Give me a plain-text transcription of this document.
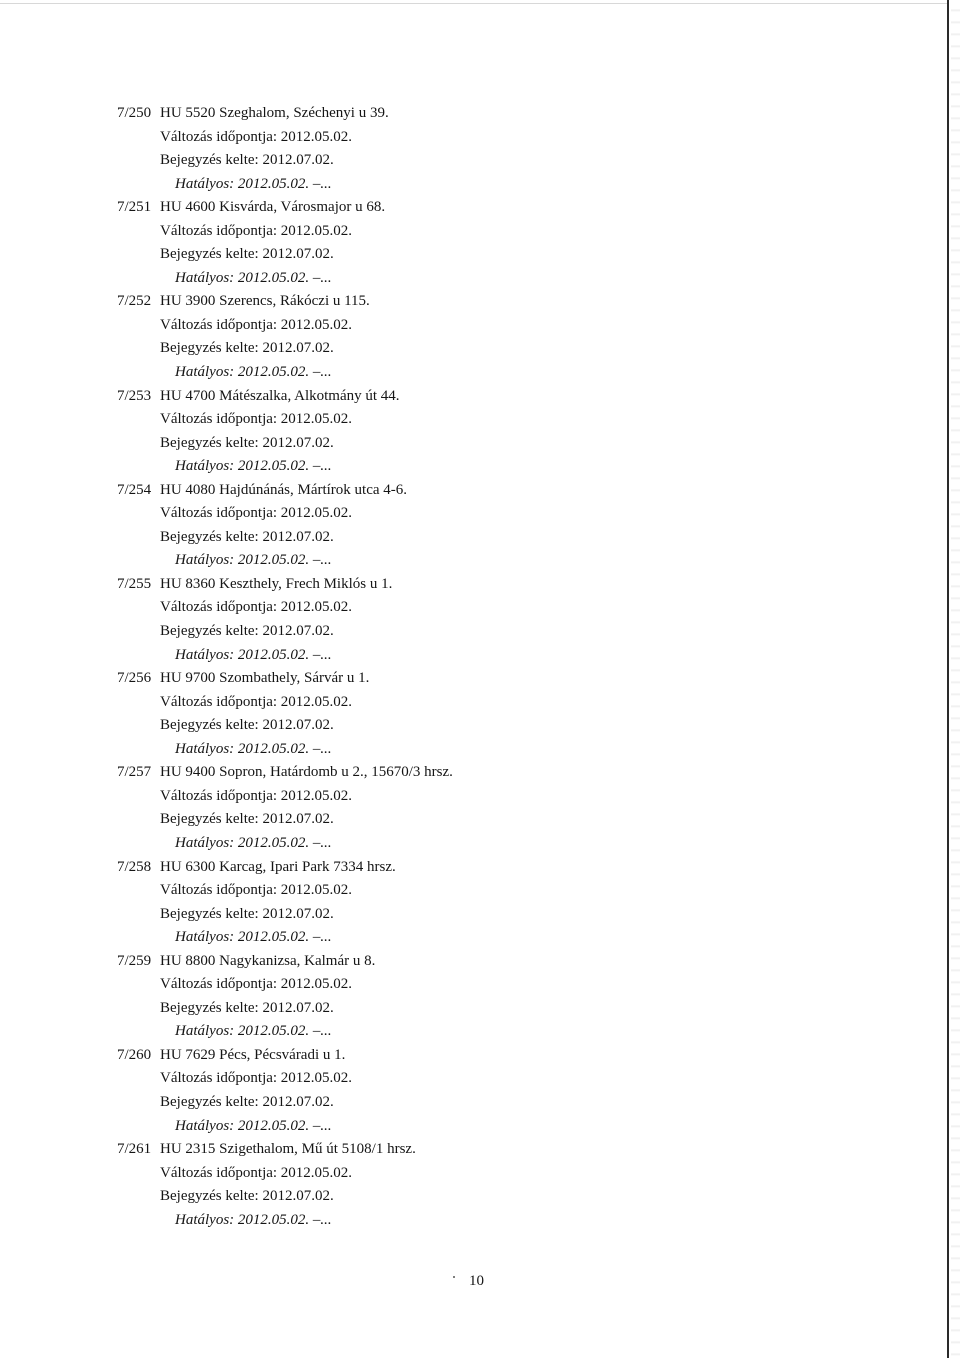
7/250 HU 5520 Szeghalom, Széchenyi u 39.
Változás időpontja: 2012.05.02.
Bejegyzés kelte: 2012.07.02.
Hatályos: 2012.05.02. –...
7/251 HU 4600 Kisvárda, Városmajor u 68.
Változás időpontja: 2012.05.02.
Bejegyzés kelte: 2012.07.02.
Hatályos: 2012.05.02. –...
7/252 HU 3900 Szerencs, Rákóczi u 115.
Változás időpontja: 2012.05.02.
Bejegyzés kelte: 2012.07.02.
Hatályos: 2012.05.02. –...
7/253 HU 4700 Mátészalka, Alkotmány út 44.
Változás időpontja: 2012.05.02.
Bejegyzés kelte: 2012.07.02.
Hatályos: 2012.05.02. –...
7/254 HU 4080 Hajdúnánás, Mártírok utca 4-6.
Változás időpontja: 2012.05.02.
Bejegyzés kelte: 2012.07.02.
Hatályos: 2012.05.02. –...
7/255 HU 8360 Keszthely, Frech Miklós u 1.
Változás időpontja: 2012.05.02.
Bejegyzés kelte: 2012.07.02.
Hatályos: 2012.05.02. –...
7/256 HU 9700 Szombathely, Sárvár u 1.
Változás időpontja: 2012.05.02.
Bejegyzés kelte: 2012.07.02.
Hatályos: 2012.05.02. –...
7/257 HU 9400 Sopron, Határdomb u 2., 15670/3 hrsz.
Változás időpontja: 2012.05.02.
Bejegyzés kelte: 2012.07.02.
Hatályos: 2012.05.02. –...
7/258 HU 6300 Karcag, Ipari Park 7334 hrsz.
Változás időpontja: 2012.05.02.
Bejegyzés kelte: 2012.07.02.
Hatályos: 2012.05.02. –...
7/259 HU 8800 Nagykanizsa, Kalmár u 8.
Változás időpontja: 2012.05.02.
Bejegyzés kelte: 2012.07.02.
Hatályos: 2012.05.02. –...
7/260 HU 7629 Pécs, Pécsváradi u 1.
Változás időpontja: 2012.05.02.
Bejegyzés kelte: 2012.07.02.
Hatályos: 2012.05.02. –...
7/261 HU 2315 Szigethalom, Mű út 5108/1 hrsz.
Változás időpontja: 2012.05.02.
Bejegyzés kelte: 2012.07.02.
Hatályos: 2012.05.02. –...
10
